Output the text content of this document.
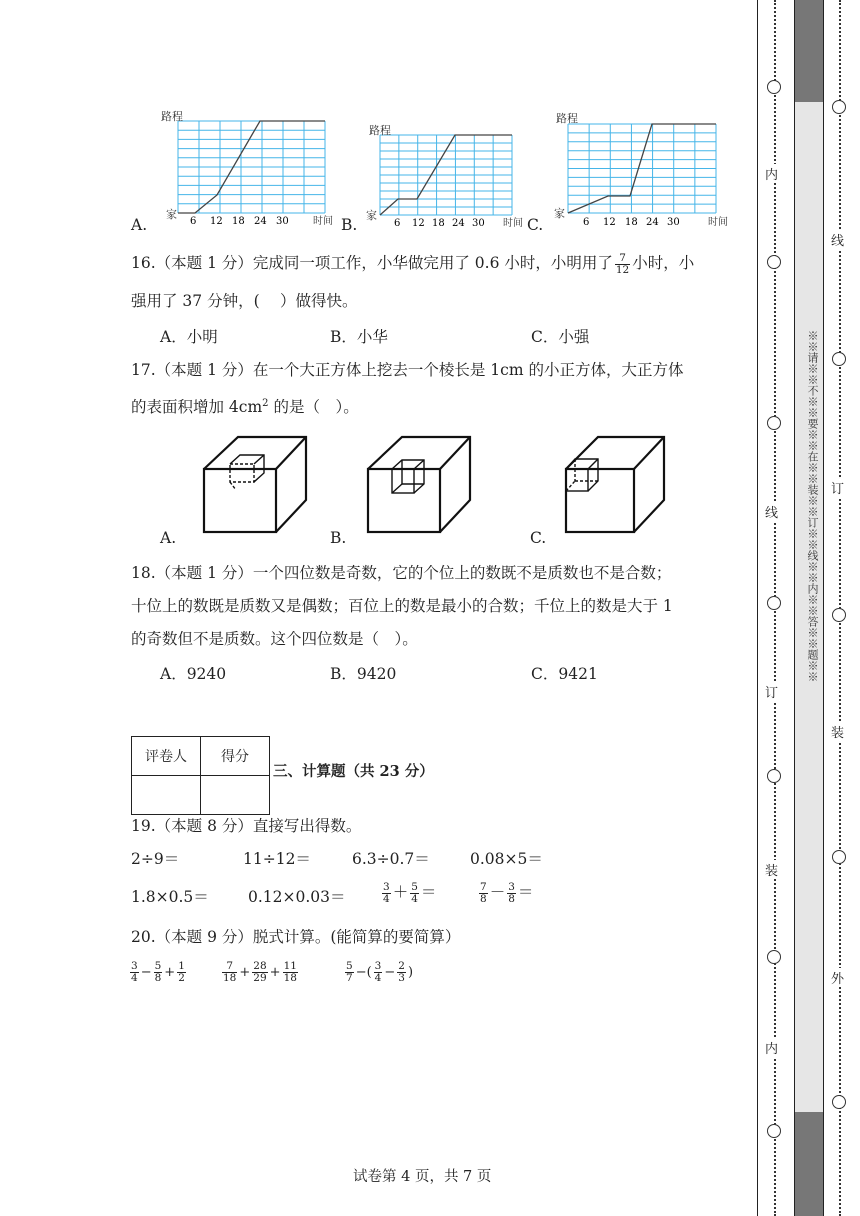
A.
路程
家
时间
6 12 18 24 30	B.
路程
家
时间
6 12 18 24 30	C.
路程
家
时间
6 12 18 24 30
16.（本题 1 分）完成同一项工作，小华做完用了 0.6 小时，小明用了 $\frac{7}{12}$ 小时，小
强用了 37 分钟，(　 ）做得快。
A．小明	B．小华	C．小强
17.（本题 1 分）在一个大正方体上挖去一个棱长是 1cm 的小正方体，大正方体
的表面积增加 $4cm^2$ 的是（　）。
A.	B.	C.
18.（本题 1 分）一个四位数是奇数，它的个位上的数既不是质数也不是合数；
十位上的数既是质数又是偶数；百位上的数是最小的合数；千位上的数是大于 1
的奇数但不是质数。这个四位数是（　）。
A．9240	B．9420	C．9421
评卷人	得分

三、计算题（共 23 分）
19.（本题 8 分）直接写出得数。
2÷9＝	11÷12＝	6.3÷0.7＝	0.08×5＝
1.8×0.5＝	0.12×0.03＝	$\frac{3}{4} + \frac{5}{4}$ ＝	$\frac{7}{8} - \frac{3}{8}$ ＝
20.（本题 9 分）脱式计算。(能简算的要简算）
$\frac{3}{4} - \frac{5}{8} + \frac{1}{2}$	$\frac{7}{18} + \frac{28}{29} + \frac{11}{18}$	$\frac{5}{7}$ −( $\frac{3}{4} - \frac{2}{3}$ )
试卷第 4 页，共 7 页
※※请※※不※※要※※在※※装※※订※※线※※内※※答※※题※※
内
线
订
装
内
线
订
装
外
